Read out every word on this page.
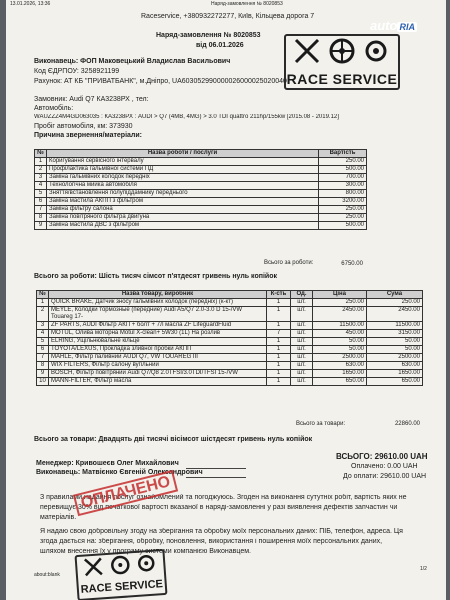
13.01.2026, 13:36	Наряд-замовлення № 8020853
Raceservice, +380932272277, Київ, Кільцева дорога 7
Наряд-замовлення № 8020853
від 06.01.2026
Виконавець: ФОП Маковецький Владислав Васильович
Код ЄДРПОУ: 3258921199
Рахунок: АТ КБ "ПРИВАТБАНК", м.Дніпро, UA603052990000026000025020040 RACE SERVICE
Замовник: Audi Q7 КА3238РХ , тел:
Автомобіль:
WAUZZZ4M4GD063035 : КА3238РХ : AUDI > Q7 (4MB, 4MG) > 3.0 TDI quattro 211hp/155kw [2015.08 - 2019.12]
Пробіг автомобіля, км: 373930
Причина звернення/матеріали:
№	Назва роботи / послуги	Вартість
1	Коригування сервісного інтервалу	250.00
2	Профілактика гальмівної системи ПД	500.00
3	Заміна гальмівних колодок передніх	700.00
4	Технологічна мийка автомобіля	300.00
5	Зняття/встановлення полупіддамнику переднього	800.00
6	Заміна мастила АКПП з фільтром	3200.00
7	Заміна фільтру салона	250.00
8	Заміна повітряного фільтра двигуна	250.00
9	Заміна мастила ДВС з фільтром	500.00
Всього за роботи:	6750.00
Всього за роботи: Шість тисяч сімсот п'ятдесят гривень нуль копійок
№	Назва товару, виробник	К-сть	Од.	Ціна	Сума
1	QUICK BRAKE, Датчик зносу гальмівних колодок (передніх) (к-кт)	1	шт.	250.00	250.00
2	MEYLE, Колодки тормозные (передние) Audi A5/Q7 2.0-3.0 D 15-/VW Touareg 17-	1	шт.	2450.00	2450.00
3	ZF PARTS, AUDI Фільтр АКП + болт + 7л масла ZF LifeguardFluid	1	шт.	11500.00	11500.00
4	MOTUL, Олива моторна Motul X-clean+ 5W30 (1L) На розлив	7	шт.	450.00	3150.00
5	ELRING, Ущільнювальне кільце	1	шт.	50.00	50.00
6	TOYOTA/LEXUS, Прокладка зливної пробки АКПП	1	шт.	50.00	50.00
7	MAHLE, Фільтр паливний AUDI Q7, VW TOUAREG III	1	шт.	2500.00	2500.00
8	WIX FILTERS, Фільтр салону вугільний	1	шт.	630.00	630.00
9	BOSCH, Фільтр повітряний Audi Q7/Q8 2.0TFSI/3.0TDI/TFSI 15-/VW	1	шт.	1650.00	1650.00
10	MANN-FILTER, Фільтр масла	1	шт.	650.00	650.00
Всього за товари:	22860.00
Всього за товари: Двадцять дві тисячі вісімсот шістдесят гривень нуль копійок
ВСЬОГО: 29610.00 UAH
Оплачено: 0.00 UAH
До оплати: 29610.00 UAH
Менеджер: Кривошеєв Олег Михайлович
Виконавець: Матвієнко Євгеній Олександрович
З правилами надання послуг ознайомлений та погоджуюсь. Згоден на виконання сутутніх робіт, вартість яких не
перевищує 30% від початкової вартості вказаної в наряді-замовленні у разі виявлення дефектів запчастин чи
матеріалів.
Я надаю свою добровільну згоду на зберігання та обробку моїх персональних даних: ПІБ, телефон, адреса. Ця
згода дається на: зберігання, обробку, поновлення, використання і поширення моїх персональних даних,
шляхом внесення їх у програму системи компанією Виконавцем.
ОПЛАЧЕНО
RACE SERVICE
about:blank
1/2
auto RIA
